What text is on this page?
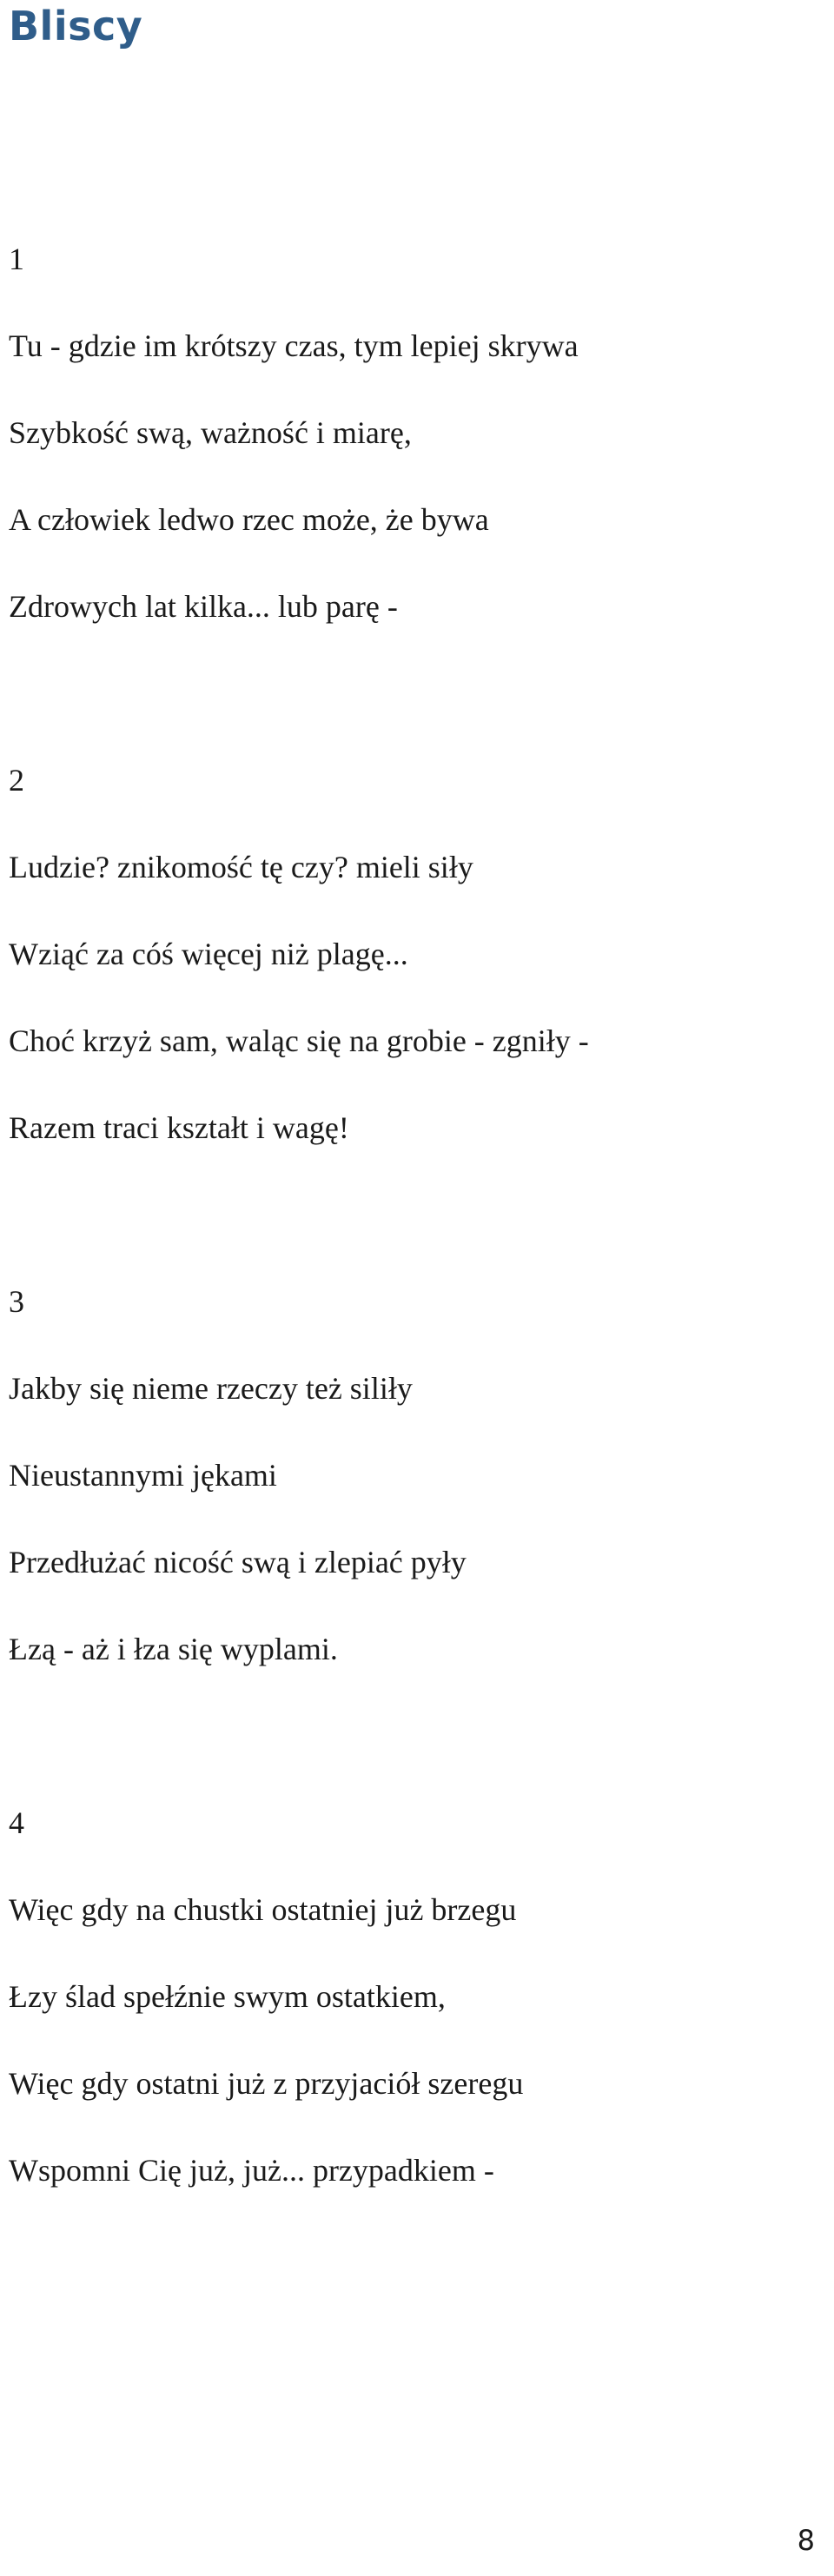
Bliscy

1

Tu - gdzie im krótszy czas, tym lepiej skrywa

Szybkość swą, ważność i miarę,

A człowiek ledwo rzec może, że bywa

Zdrowych lat kilka... lub parę -

2

Ludzie? znikomość tę czy? mieli siły

Wziąć za cóś więcej niż plagę...

Choć krzyż sam, waląc się na grobie - zgniły -

Razem traci kształt i wagę!

3

Jakby się nieme rzeczy też siliły

Nieustannymi jękami

Przedłużać nicość swą i zlepiać pyły

Łzą - aż i łza się wyplami.

4

Więc gdy na chustki ostatniej już brzegu

Łzy ślad spełźnie swym ostatkiem,

Więc gdy ostatni już z przyjaciół szeregu

Wspomni Cię już, już... przypadkiem -

8
